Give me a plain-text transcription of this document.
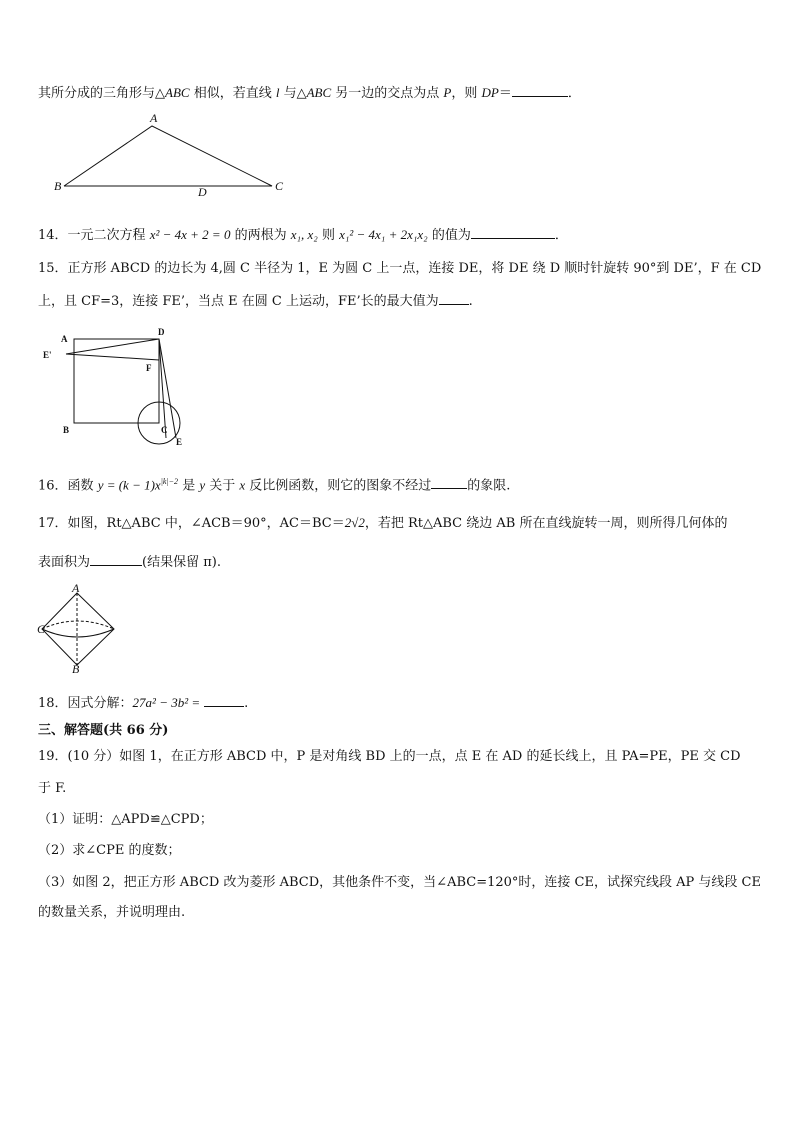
其所分成的三角形与△ABC 相似，若直线 l 与△ABC 另一边的交点为点 P，则 DP＝	．
A
B	C
D
14．一元二次方程 x² − 4x + 2 = 0 的两根为 x₁, x₂ 则 x₁² − 4x₁ + 2x₁x₂ 的值为	．
15．正方形 ABCD 的边长为 4,圆 C 半径为 1，E 为圆 C 上一点，连接 DE，将 DE 绕 D 顺时针旋转 90°到 DE’，F 在 CD
上，且 CF=3，连接 FE’，当点 E 在圆 C 上运动，FE’长的最大值为 .
A
D
E'
F
B	C
E
16．函数 $y = (k - 1)x^{|k|-2}$ 是 y 关于 x 反比例函数，则它的图象不经过	的象限.
17．如图，Rt△ABC 中，∠ACB＝90°，AC＝BC＝2√2，若把 Rt△ABC 绕边 AB 所在直线旋转一周，则所得几何体的
表面积为	(结果保留 π).
A
C
B
18．因式分解：27a² − 3b² =	.
三、解答题(共 66 分)
19．(10 分）如图 1，在正方形 ABCD 中，P 是对角线 BD 上的一点，点 E 在 AD 的延长线上，且 PA=PE，PE 交 CD
于 F.
（1）证明：△APD≌△CPD；
（2）求∠CPE 的度数；
（3）如图 2，把正方形 ABCD 改为菱形 ABCD，其他条件不变，当∠ABC=120°时，连接 CE，试探究线段 AP 与线段 CE
的数量关系，并说明理由.
